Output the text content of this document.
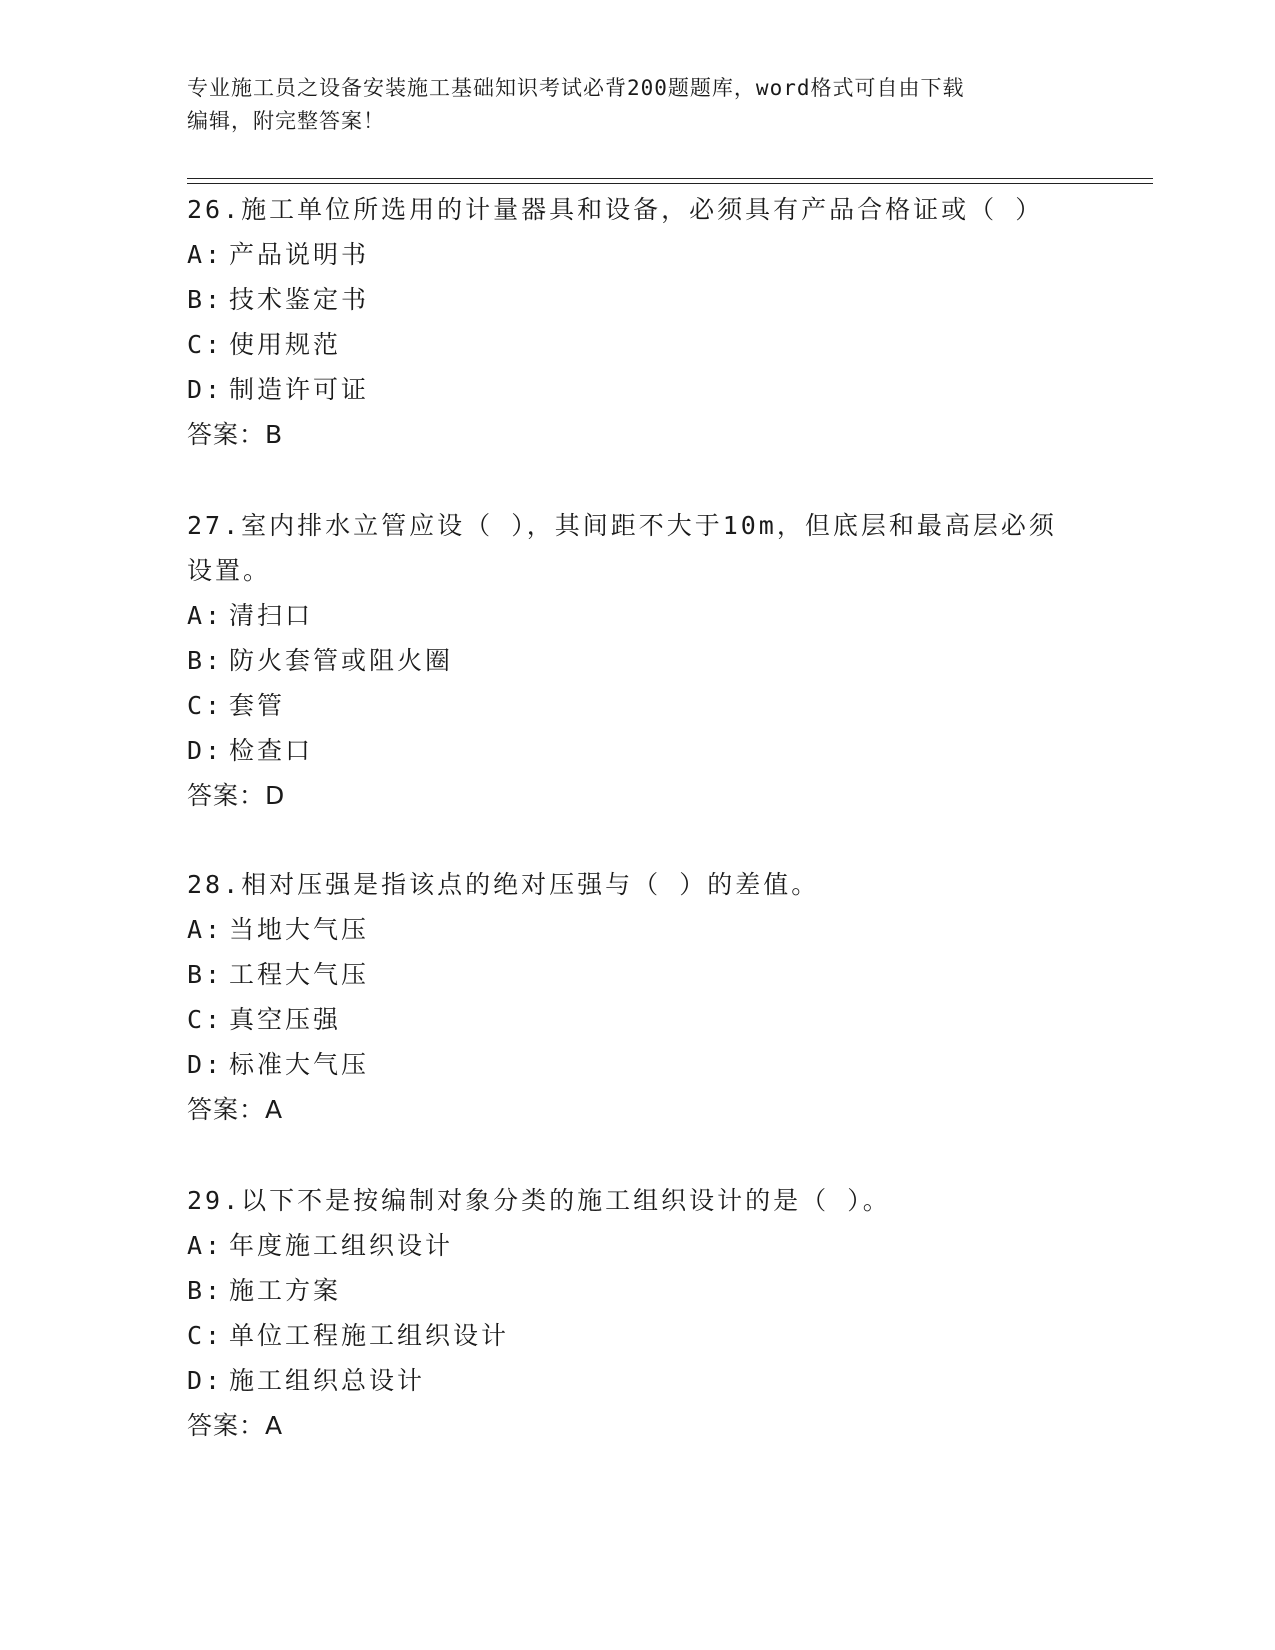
专业施工员之设备安装施工基础知识考试必背200题题库，word格式可自由下载
编辑，附完整答案！
26.施工单位所选用的计量器具和设备，必须具有产品合格证或（ ）
A: 产品说明书
B: 技术鉴定书
C: 使用规范
D: 制造许可证
答案：B
27.室内排水立管应设（ ），其间距不大于10m，但底层和最高层必须设置。
A: 清扫口
B: 防火套管或阻火圈
C: 套管
D: 检查口
答案：D
28.相对压强是指该点的绝对压强与（ ）的差值。
A: 当地大气压
B: 工程大气压
C: 真空压强
D: 标准大气压
答案：A
29.以下不是按编制对象分类的施工组织设计的是（ ）。
A: 年度施工组织设计
B: 施工方案
C: 单位工程施工组织设计
D: 施工组织总设计
答案：A
